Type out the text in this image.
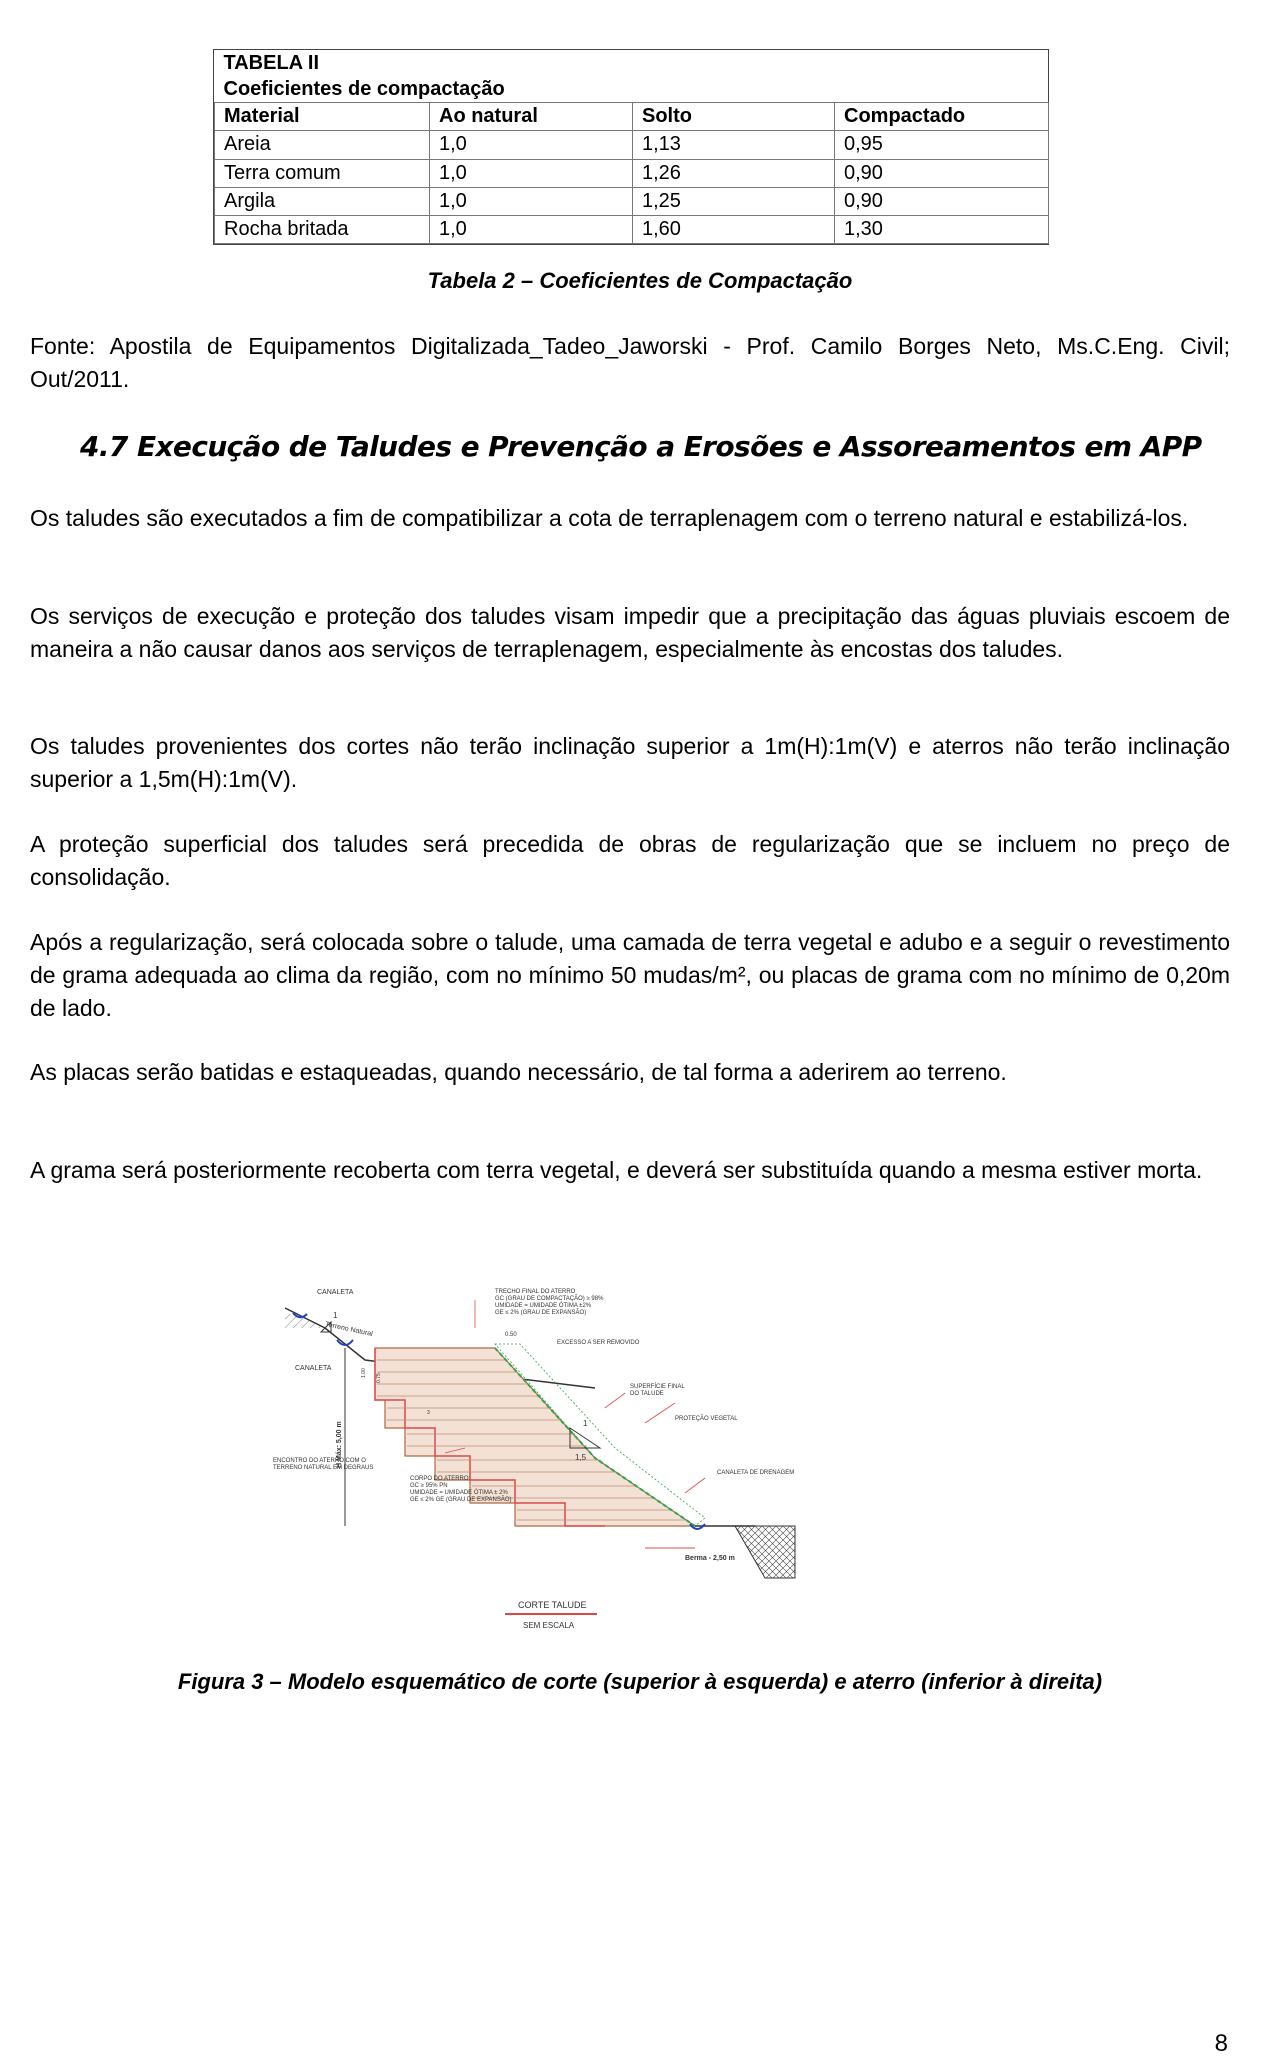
TABELA II			
Coeficientes de compactação			
Material	Ao natural	Solto	Compactado
Areia	1,0	1,13	0,95
Terra comum	1,0	1,26	0,90
Argila	1,0	1,25	0,90
Rocha britada	1,0	1,60	1,30
Tabela 2 – Coeficientes de Compactação
Fonte: Apostila de Equipamentos Digitalizada_Tadeo_Jaworski - Prof. Camilo Borges Neto, Ms.C.Eng. Civil; Out/2011.
4.7 Execução de Taludes e Prevenção a Erosões e Assoreamentos em APP
Os taludes são executados a fim de compatibilizar a cota de terraplenagem com o terreno natural e estabilizá-los.
Os serviços de execução e proteção dos taludes visam impedir que a precipitação das águas pluviais escoem de maneira a não causar danos aos serviços de terraplenagem, especialmente às encostas dos taludes.
Os taludes provenientes dos cortes não terão inclinação superior a 1m(H):1m(V) e aterros não terão inclinação superior a 1,5m(H):1m(V).
A proteção superficial dos taludes será precedida de obras de regularização que se incluem no preço de consolidação.
Após a regularização, será colocada sobre o talude, uma camada de terra vegetal e adubo e a seguir o revestimento de grama adequada ao clima da região, com no mínimo 50 mudas/m², ou placas de grama com no mínimo de 0,20m de lado.
As placas serão batidas e estaqueadas, quando necessário, de tal forma a aderirem ao terreno.
A grama será posteriormente recoberta com terra vegetal, e deverá ser substituída quando a mesma estiver morta.
CANALETA
Terreno Natural
1
CANALETA
ENCONTRO DO ATERRO COM O
TERRENO NATURAL EM DEGRAUS
H Máx: 5,00 m
TRECHO FINAL DO ATERRO
GC (GRAU DE COMPACTAÇÃO) ≥ 98%
UMIDADE = UMIDADE ÓTIMA ±2%
GE ≤ 2% (GRAU DE EXPANSÃO)
0.50
EXCESSO A SER REMOVIDO
1.00
0.75
3
SUPERFÍCIE FINAL
DO TALUDE
PROTEÇÃO VEGETAL
1
1,5
CORPO DO ATERRO:
GC ≥ 95% PN
UMIDADE = UMIDADE ÓTIMA ± 2%
GE ≤ 2% GE (GRAU DE EXPANSÃO)
CANALETA DE DRENAGEM
Berma - 2,50 m
CORTE TALUDE
SEM ESCALA
Figura 3 – Modelo esquemático de corte (superior à esquerda) e aterro (inferior à direita)
8
